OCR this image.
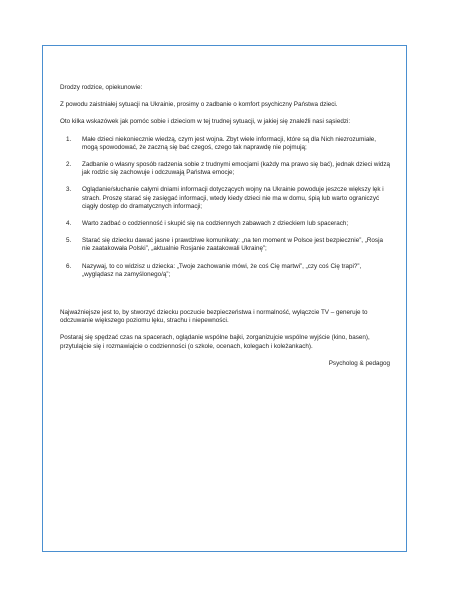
Drodzy rodzice, opiekunowie:

Z powodu zaistniałej sytuacji na Ukrainie, prosimy o zadbanie o komfort psychiczny Państwa dzieci.

Oto kilka wskazówek jak pomóc sobie i dzieciom w tej trudnej sytuacji, w jakiej się znaleźli nasi sąsiedzi:

1. Małe dzieci niekoniecznie wiedzą, czym jest wojna. Zbyt wiele informacji, które są dla Nich niezrozumiałe, mogą spowodować, że zaczną się bać czegoś, czego tak naprawdę nie pojmują;
2. Zadbanie o własny sposób radzenia sobie z trudnymi emocjami (każdy ma prawo się bać), jednak dzieci widzą jak rodzic się zachowuje i odczuwają Państwa emocje;
3. Oglądanie/słuchanie całymi dniami informacji dotyczących wojny na Ukrainie powoduje jeszcze większy lęk i strach. Proszę starać się zasięgać informacji, wtedy kiedy dzieci nie ma w domu, śpią lub warto ograniczyć ciągły dostęp do dramatycznych informacji;
4. Warto zadbać o codzienność i skupić się na codziennych zabawach z dzieckiem lub spacerach;
5. Starać się dziecku dawać jasne i prawdziwe komunikaty: „na ten moment w Polsce jest bezpiecznie”, „Rosja nie zaatakowała Polski”, „aktualnie Rosjanie zaatakowali Ukrainę”;
6. Nazywaj, to co widzisz u dziecka: „Twoje zachowanie mówi, że coś Cię martwi”, „czy coś Cię trapi?”, „wyglądasz na zamyślonego/ą”;

Najważniejsze jest to, by stworzyć dziecku poczucie bezpieczeństwa i normalność, wyłączcie TV – generuje to odczuwanie większego poziomu lęku, strachu i niepewności.

Postaraj się spędzać czas na spacerach, oglądanie wspólne bajki, zorganizujcie wspólne wyjście (kino, basen), przytulajcie się i rozmawiajcie o codzienności (o szkole, ocenach, kolegach i koleżankach).

Psycholog & pedagog
